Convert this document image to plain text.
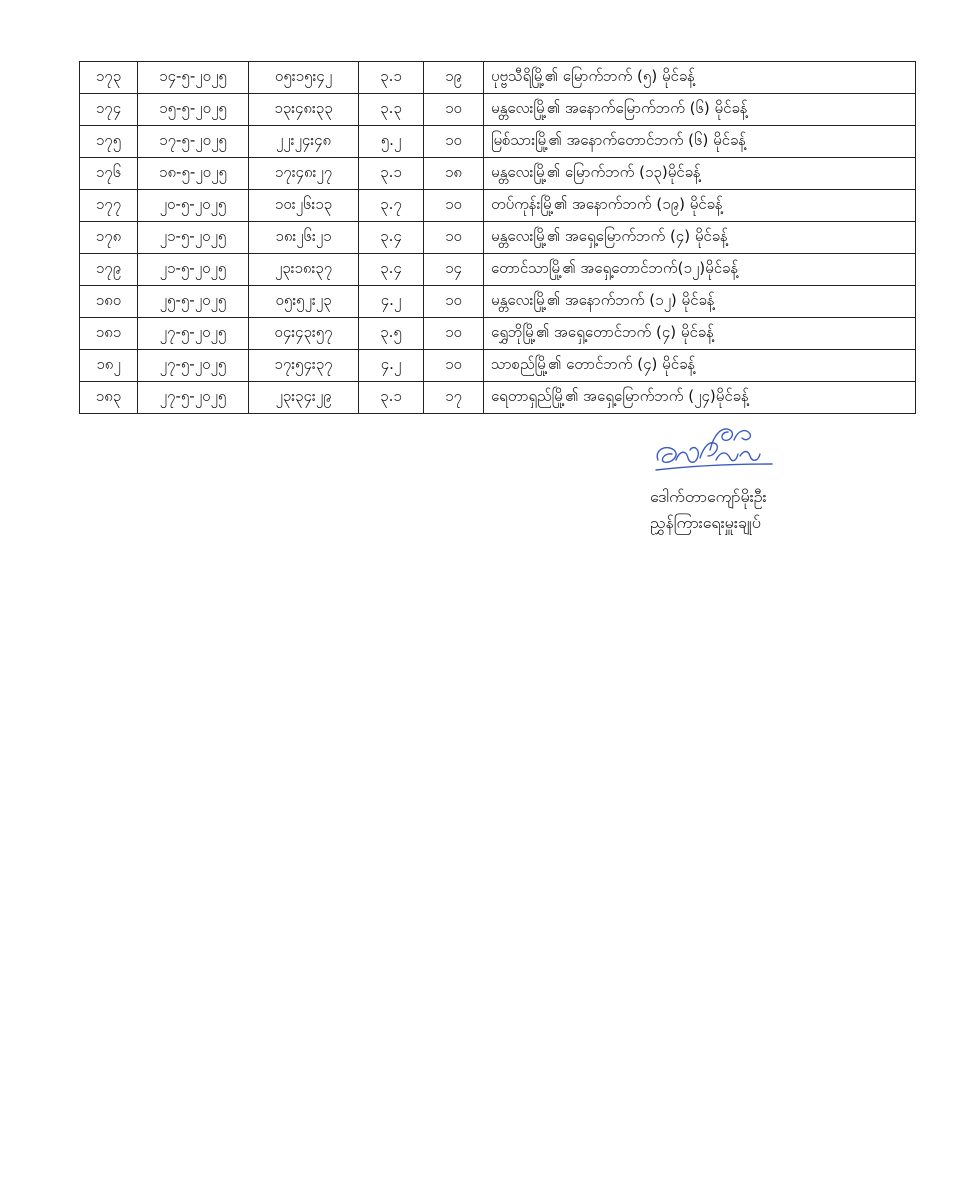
၁၇၃	၁၄-၅-၂၀၂၅	၀၅း၁၅း၄၂	၃.၁	၁၉	ပုဗ္ဗသီရိမြို့၏ မြောက်ဘက် (၅) မိုင်ခန့်
၁၇၄	၁၅-၅-၂၀၂၅	၁၃း၄၈း၃၃	၃.၃	၁၀	မန္တလေးမြို့၏ အနောက်မြောက်ဘက် (၆) မိုင်ခန့်
၁၇၅	၁၇-၅-၂၀၂၅	၂၂း၂၄း၄၈	၅.၂	၁၀	မြစ်သားမြို့၏ အနောက်တောင်ဘက် (၆) မိုင်ခန့်
၁၇၆	၁၈-၅-၂၀၂၅	၁၇း၄၈း၂၇	၃.၁	၁၈	မန္တလေးမြို့၏ မြောက်ဘက် (၁၃)မိုင်ခန့်
၁၇၇	၂၀-၅-၂၀၂၅	၁၀း၂၆း၁၃	၃.၇	၁၀	တပ်ကုန်းမြို့၏ အနောက်ဘက် (၁၉) မိုင်ခန့်
၁၇၈	၂၁-၅-၂၀၂၅	၁၈း၂၆း၂၁	၃.၄	၁၀	မန္တလေးမြို့၏ အရှေ့မြောက်ဘက် (၄) မိုင်ခန့်
၁၇၉	၂၁-၅-၂၀၂၅	၂၃း၁၈း၃၇	၃.၄	၁၄	တောင်သာမြို့၏ အရှေ့တောင်ဘက်(၁၂)မိုင်ခန့်
၁၈၀	၂၅-၅-၂၀၂၅	၀၅း၅၂း၂၃	၄.၂	၁၀	မန္တလေးမြို့၏ အနောက်ဘက် (၁၂) မိုင်ခန့်
၁၈၁	၂၇-၅-၂၀၂၅	၀၄း၄၃း၅၇	၃.၅	၁၀	ရွှေဘိုမြို့၏ အရှေ့တောင်ဘက် (၄) မိုင်ခန့်
၁၈၂	၂၇-၅-၂၀၂၅	၁၇း၅၄း၃၇	၄.၂	၁၀	သာစည်မြို့၏ တောင်ဘက် (၄) မိုင်ခန့်
၁၈၃	၂၇-၅-၂၀၂၅	၂၃း၃၄း၂၉	၃.၁	၁၇	ရေတာရှည်မြို့၏ အရှေ့မြောက်ဘက် (၂၄)မိုင်ခန့်
ဒေါက်တာကျော်မိုးဦး
ညွှန်ကြားရေးမှူးချုပ်
